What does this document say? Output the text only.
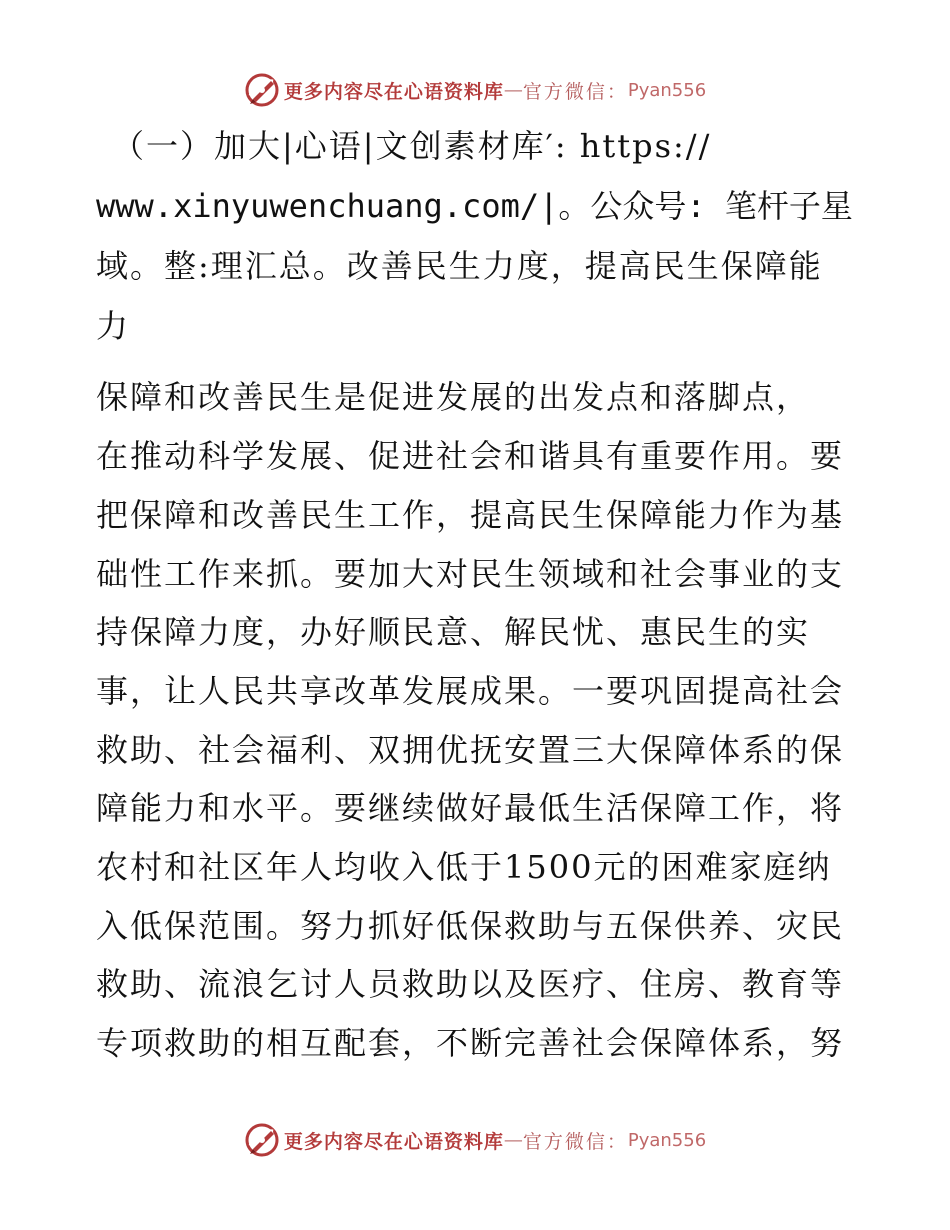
更多内容尽在心语资料库 — 官方微信： Pyan556
（一）加大|心语|文创素材库′: https://
www.xinyuwenchuang.com/|。公众号: 笔杆子星
域。整:理汇总。改善民生力度，提高民生保障能
力
保障和改善民生是促进发展的出发点和落脚点，
在推动科学发展、促进社会和谐具有重要作用。要
把保障和改善民生工作，提高民生保障能力作为基
础性工作来抓。要加大对民生领域和社会事业的支
持保障力度，办好顺民意、解民忧、惠民生的实
事，让人民共享改革发展成果。一要巩固提高社会
救助、社会福利、双拥优抚安置三大保障体系的保
障能力和水平。要继续做好最低生活保障工作，将
农村和社区年人均收入低于1500元的困难家庭纳
入低保范围。努力抓好低保救助与五保供养、灾民
救助、流浪乞讨人员救助以及医疗、住房、教育等
专项救助的相互配套，不断完善社会保障体系，努
更多内容尽在心语资料库 — 官方微信： Pyan556
